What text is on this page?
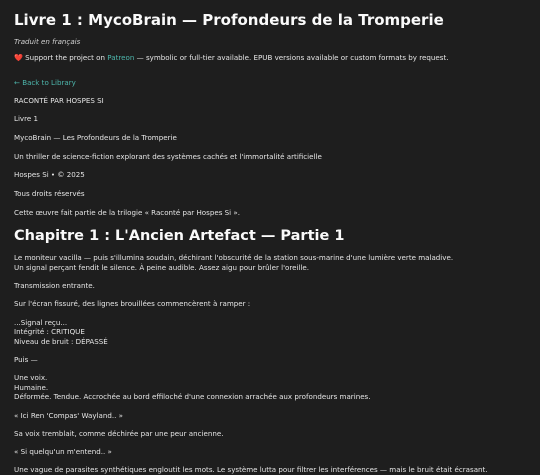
Livre 1 : MycoBrain — Profondeurs de la Tromperie

Traduit en français

❤️ Support the project on Patreon — symbolic or full-tier available. EPUB versions available or custom formats by request.

← Back to Library

RACONTÉ PAR HOSPES SI

Livre 1

MycoBrain — Les Profondeurs de la Tromperie

Un thriller de science-fiction explorant des systèmes cachés et l'immortalité artificielle

Hospes Si • © 2025

Tous droits réservés

Cette œuvre fait partie de la trilogie « Raconté par Hospes Si ».

Chapitre 1 : L'Ancien Artefact — Partie 1

Le moniteur vacilla — puis s'illumina soudain, déchirant l'obscurité de la station sous-marine d'une lumière verte maladive.
Un signal perçant fendit le silence. À peine audible. Assez aigu pour brûler l'oreille.

Transmission entrante.

Sur l'écran fissuré, des lignes brouillées commencèrent à ramper :

...Signal reçu...
Intégrité : CRITIQUE
Niveau de bruit : DÉPASSÉ

Puis —

Une voix.
Humaine.
Déformée. Tendue. Accrochée au bord effiloché d'une connexion arrachée aux profondeurs marines.

« Ici Ren 'Compas' Wayland.. »

Sa voix tremblait, comme déchirée par une peur ancienne.

« Si quelqu'un m'entend.. »

Une vague de parasites synthétiques engloutit les mots. Le système lutta pour filtrer les interférences — mais le bruit était écrasant.
